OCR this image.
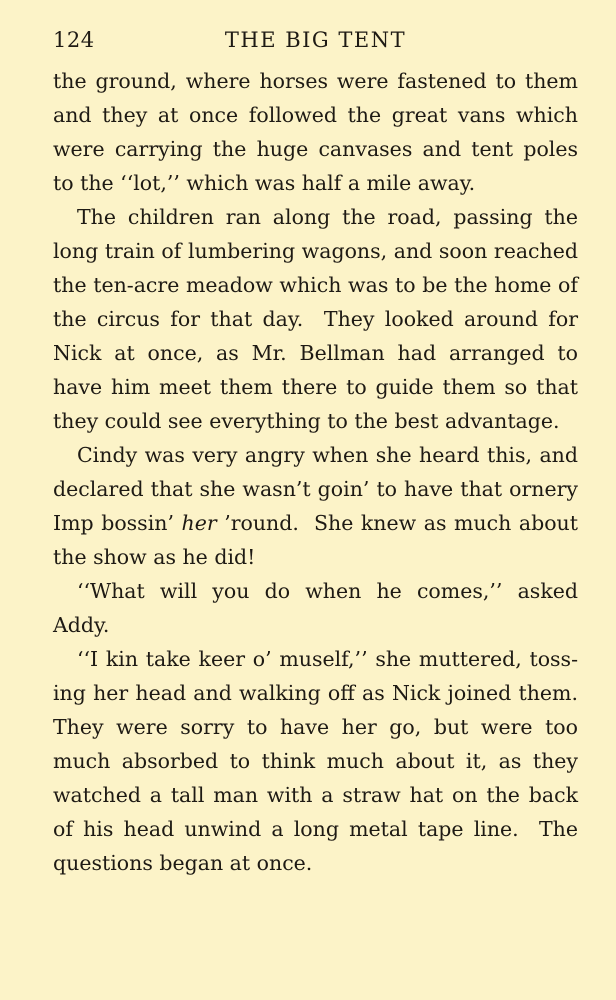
124	THE BIG TENT
the ground, where horses were fastened to them
and they at once followed the great vans which
were carrying the huge canvases and tent poles
to the ‘‘lot,’’ which was half a mile away.
The children ran along the road, passing the
long train of lumbering wagons, and soon reached
the ten-acre meadow which was to be the home of
the circus for that day.  They looked around for
Nick at once, as Mr. Bellman had arranged to
have him meet them there to guide them so that
they could see everything to the best advantage.
Cindy was very angry when she heard this, and
declared that she wasn’t goin’ to have that ornery
Imp bossin’ her ’round.  She knew as much about
the show as he did!
‘‘What will you do when he comes,’’ asked
Addy.
‘‘I kin take keer o’ muself,’’ she muttered, toss-
ing her head and walking off as Nick joined them.
They were sorry to have her go, but were too
much absorbed to think much about it, as they
watched a tall man with a straw hat on the back
of his head unwind a long metal tape line.  The
questions began at once.
